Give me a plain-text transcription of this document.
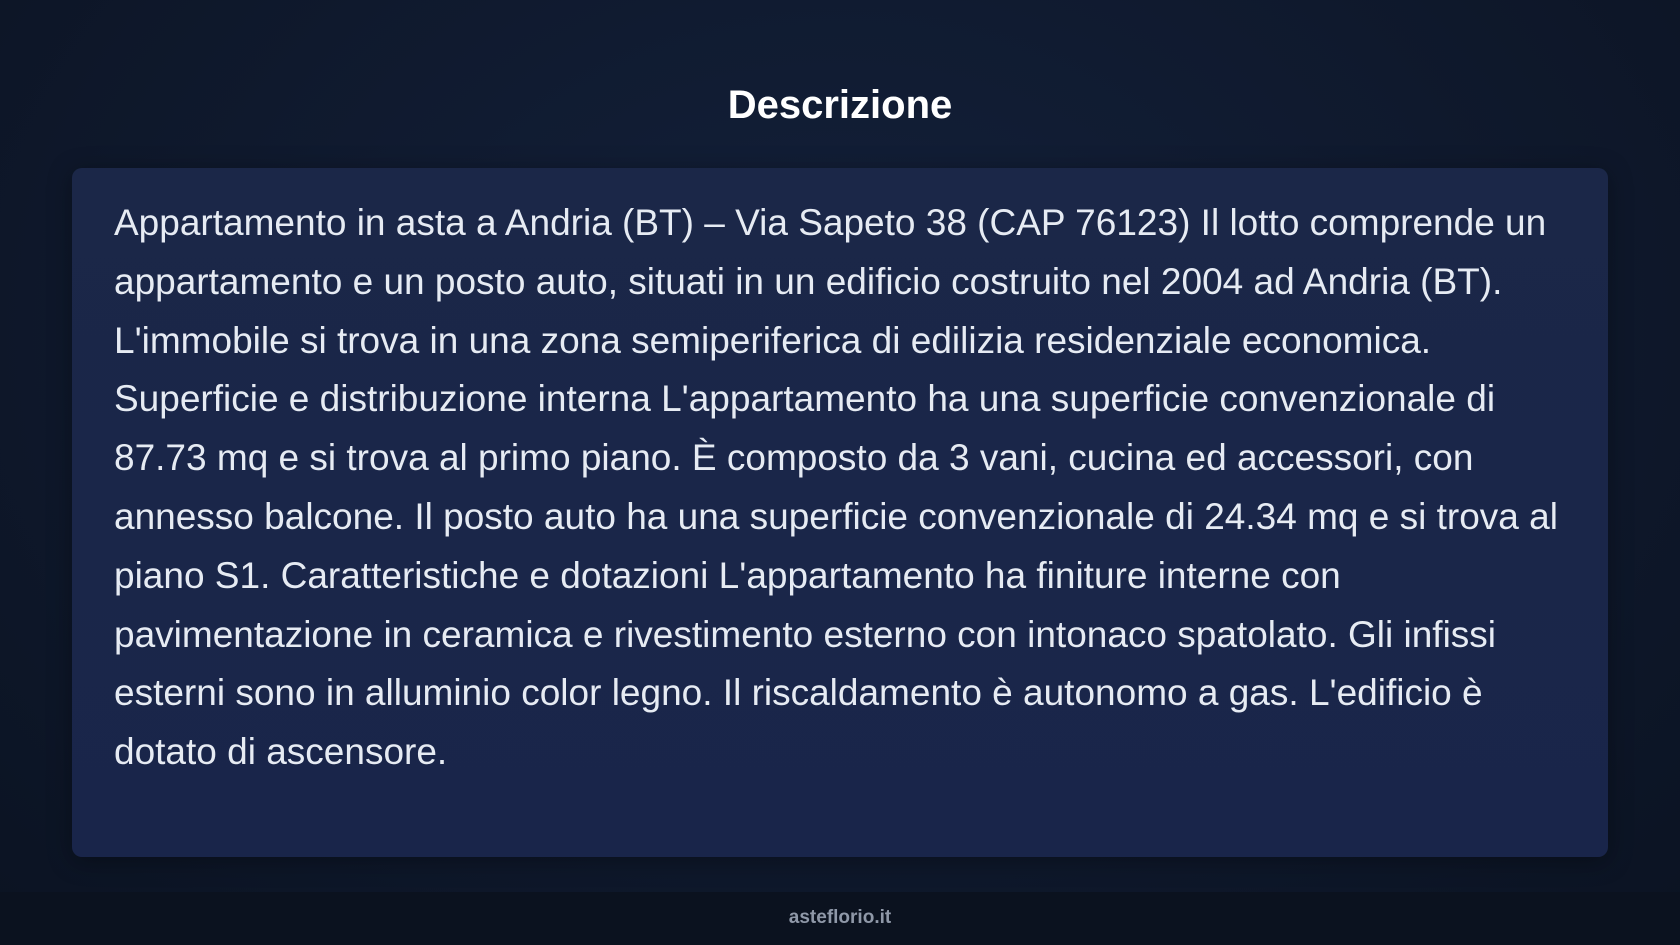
Descrizione

Appartamento in asta a Andria (BT) – Via Sapeto 38 (CAP 76123) Il lotto comprende un appartamento e un posto auto, situati in un edificio costruito nel 2004 ad Andria (BT). L'immobile si trova in una zona semiperiferica di edilizia residenziale economica. Superficie e distribuzione interna L'appartamento ha una superficie convenzionale di 87.73 mq e si trova al primo piano. È composto da 3 vani, cucina ed accessori, con annesso balcone. Il posto auto ha una superficie convenzionale di 24.34 mq e si trova al piano S1. Caratteristiche e dotazioni L'appartamento ha finiture interne con pavimentazione in ceramica e rivestimento esterno con intonaco spatolato. Gli infissi esterni sono in alluminio color legno. Il riscaldamento è autonomo a gas. L'edificio è dotato di ascensore.

asteflorio.it
